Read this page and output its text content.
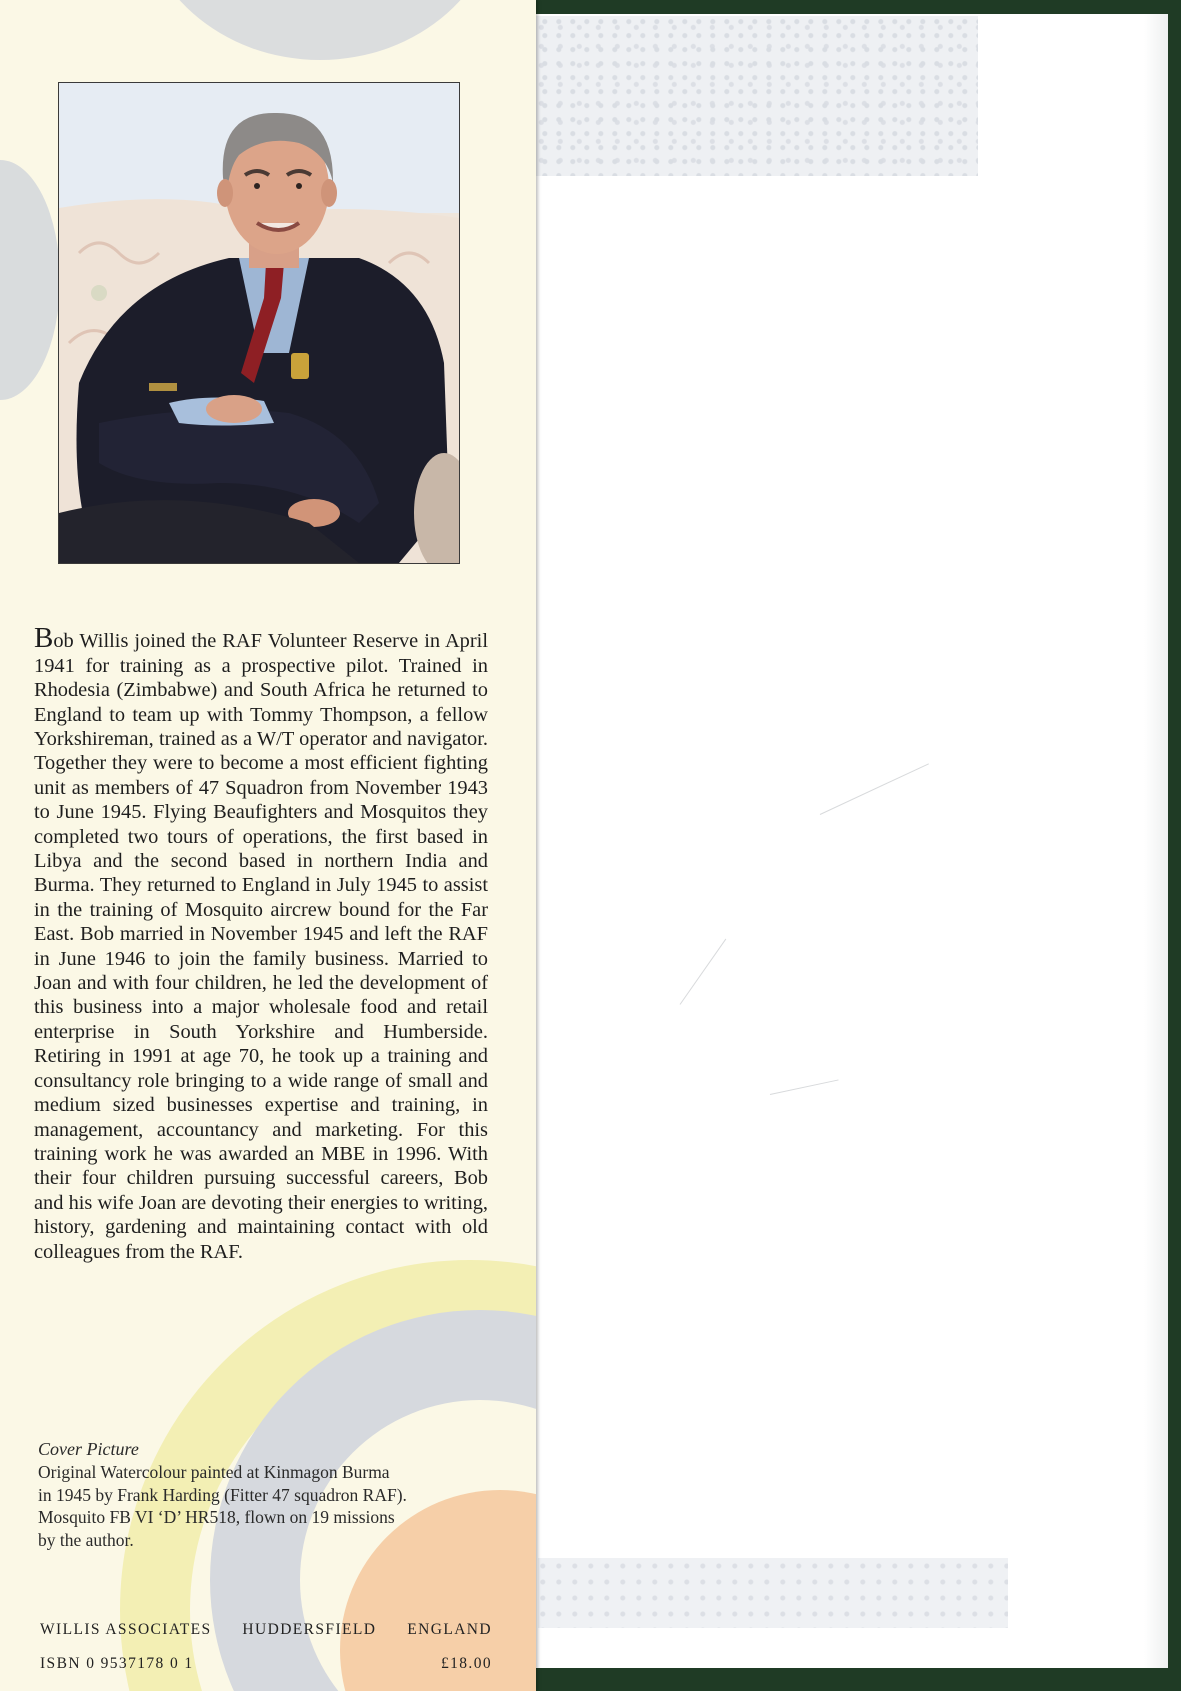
Bob Willis joined the RAF Volunteer Reserve in April 1941 for training as a prospective pilot. Trained in Rhodesia (Zimbabwe) and South Africa he returned to England to team up with Tommy Thompson, a fellow Yorkshireman, trained as a W/T operator and navigator. Together they were to become a most efficient fighting unit as members of 47 Squadron from November 1943 to June 1945. Flying Beaufighters and Mosquitos they completed two tours of operations, the first based in Libya and the second based in northern India and Burma. They returned to England in July 1945 to assist in the training of Mosquito aircrew bound for the Far East. Bob married in November 1945 and left the RAF in June 1946 to join the family business. Married to Joan and with four children, he led the development of this business into a major wholesale food and retail enterprise in South Yorkshire and Humberside. Retiring in 1991 at age 70, he took up a training and consultancy role bringing to a wide range of small and medium sized businesses expertise and training, in management, accountancy and marketing. For this training work he was awarded an MBE in 1996. With their four children pursuing successful careers, Bob and his wife Joan are devoting their energies to writing, history, gardening and maintaining contact with old colleagues from the RAF.

Cover Picture
Original Watercolour painted at Kinmagon Burma
in 1945 by Frank Harding (Fitter 47 squadron RAF).
Mosquito FB VI ‘D’ HR518, flown on 19 missions
by the author.
WILLIS ASSOCIATES HUDDERSFIELD ENGLAND
ISBN 0 9537178 0 1	£18.00
